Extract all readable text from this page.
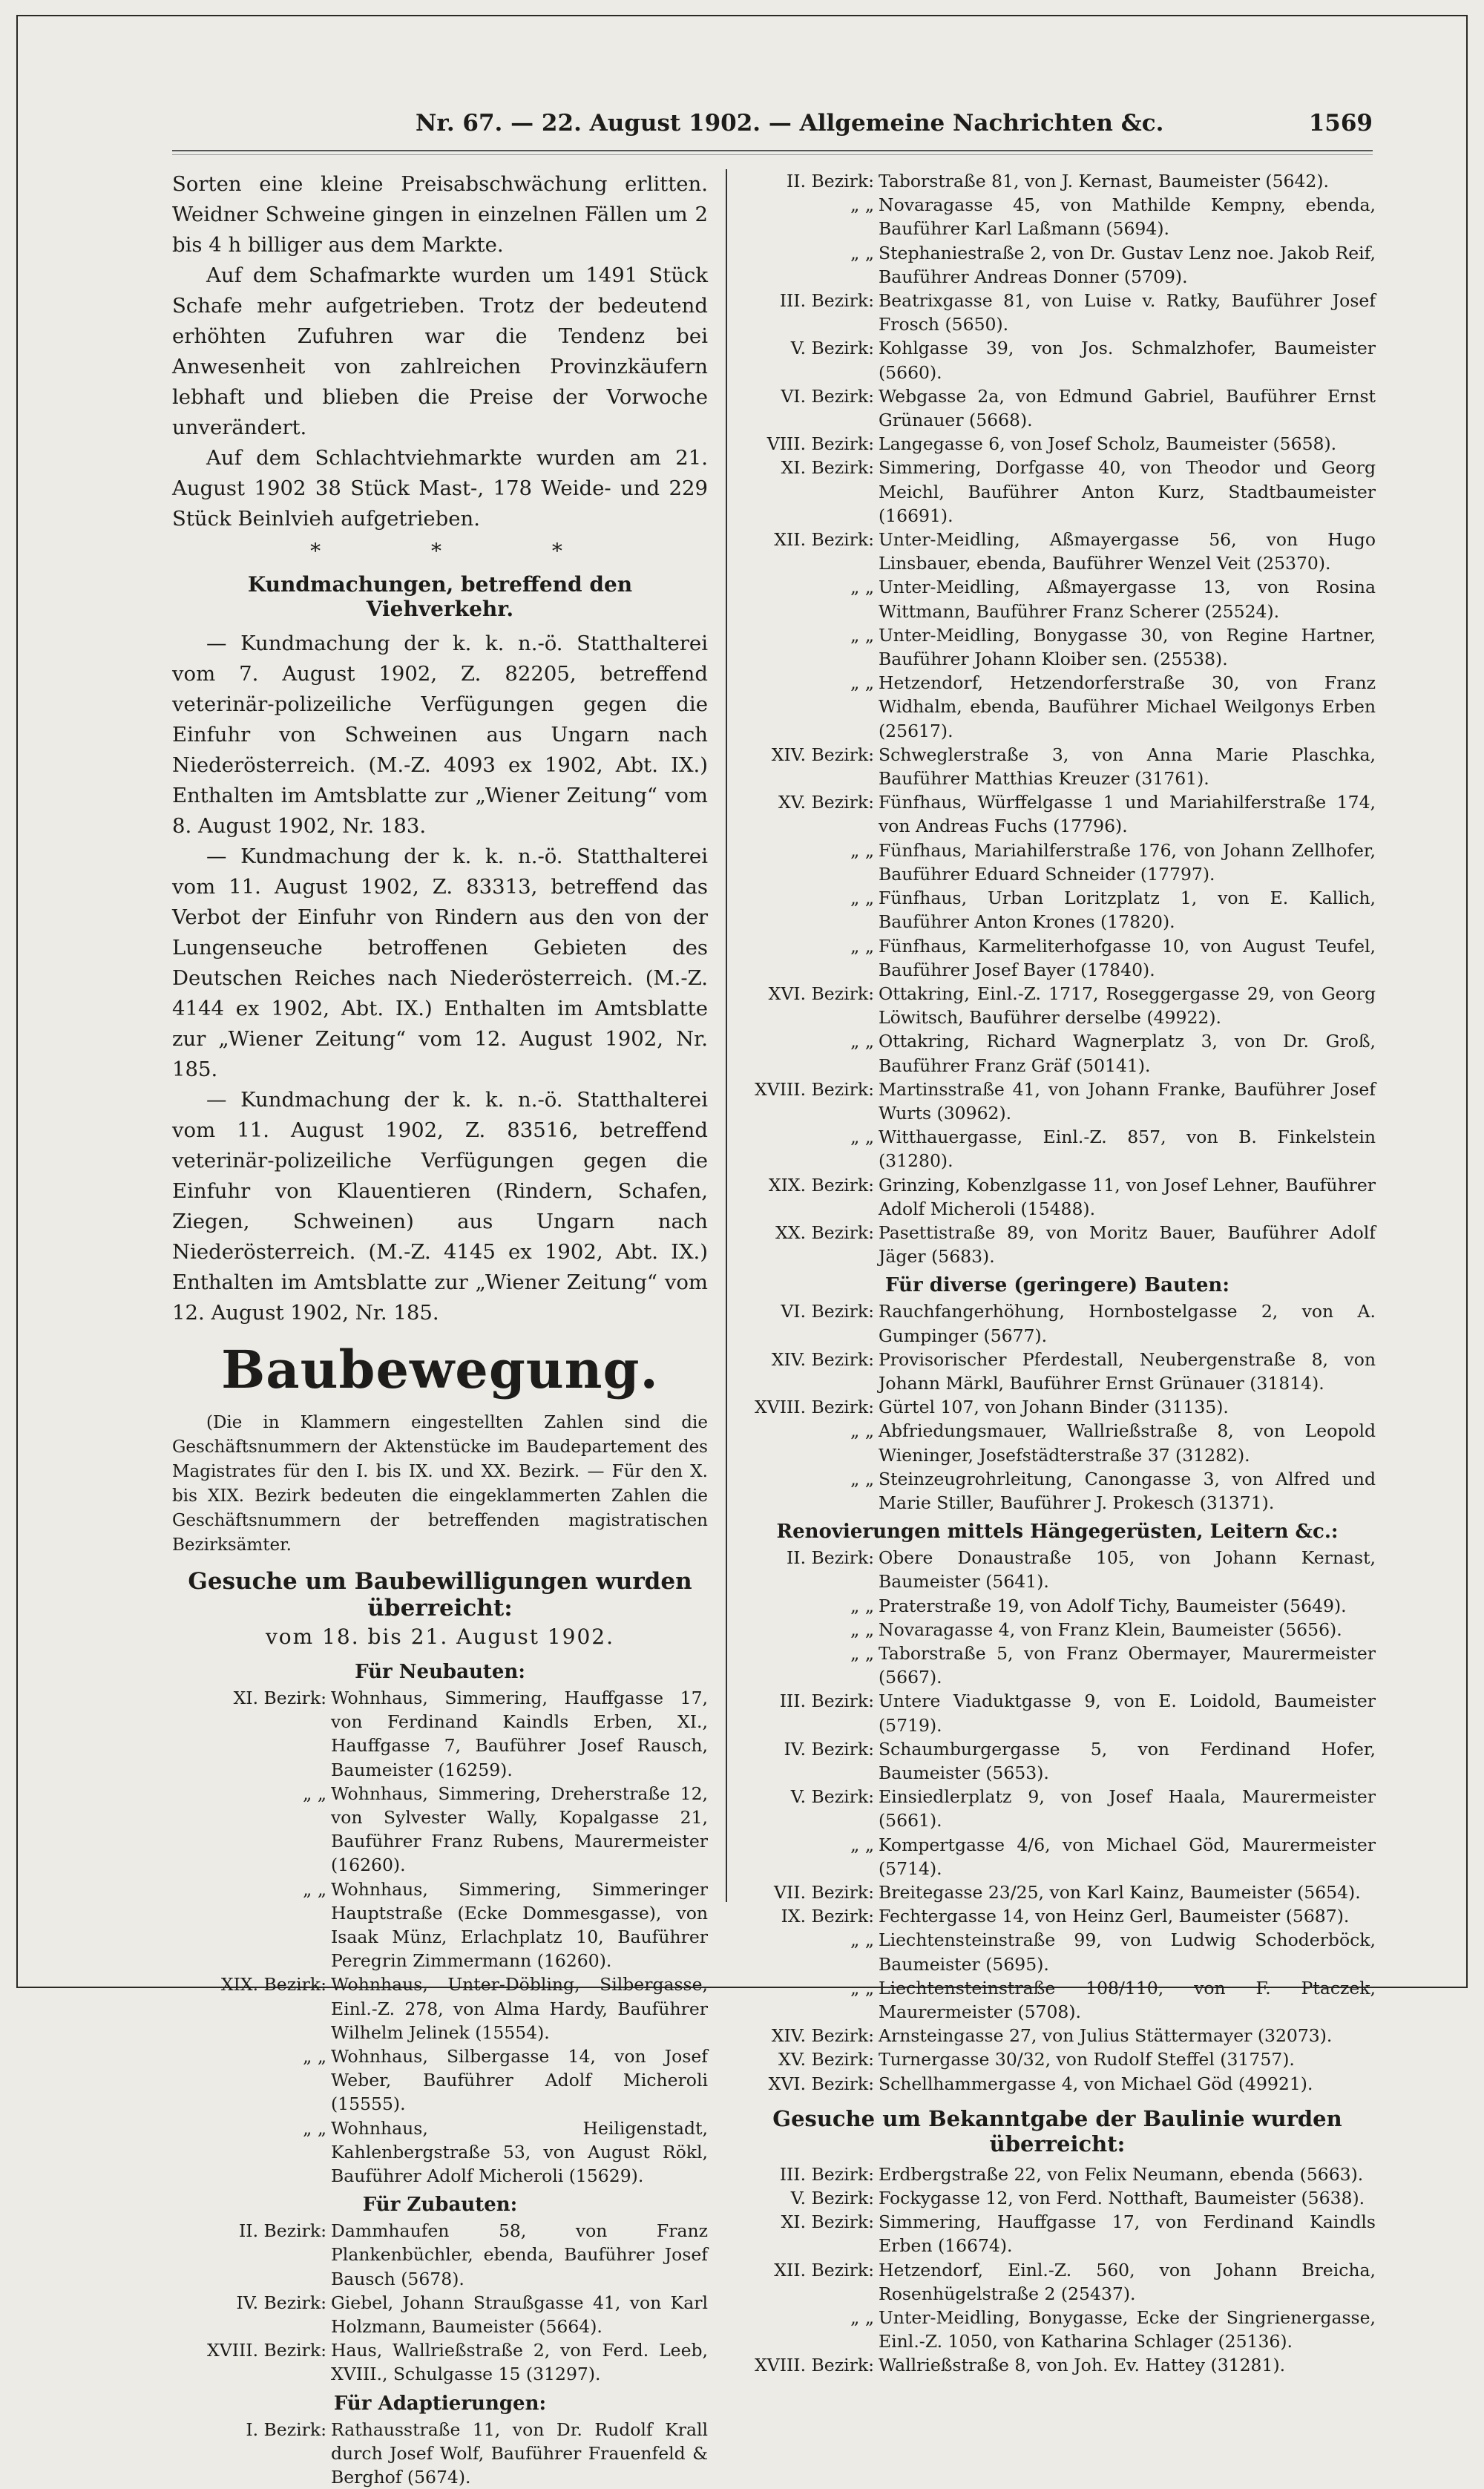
Nr. 67. — 22. August 1902. — Allgemeine Nachrichten &c.	1569

Sorten eine kleine Preisabschwächung erlitten. Weidner Schweine gingen in einzelnen Fällen um 2 bis 4 h billiger aus dem Markte.

Auf dem Schafmarkte wurden um 1491 Stück Schafe mehr aufgetrieben. Trotz der bedeutend erhöhten Zufuhren war die Tendenz bei Anwesenheit von zahlreichen Provinzkäufern lebhaft und blieben die Preise der Vorwoche unverändert.

Auf dem Schlachtviehmarkte wurden am 21. August 1902 38 Stück Mast-, 178 Weide- und 229 Stück Beinlvieh aufgetrieben.

* * *
Kundmachungen, betreffend den Viehverkehr.

— Kundmachung der k. k. n.-ö. Statthalterei vom 7. August 1902, Z. 82205, betreffend veterinär-polizeiliche Verfügungen gegen die Einfuhr von Schweinen aus Ungarn nach Niederösterreich. (M.-Z. 4093 ex 1902, Abt. IX.) Enthalten im Amtsblatte zur „Wiener Zeitung“ vom 8. August 1902, Nr. 183.

— Kundmachung der k. k. n.-ö. Statthalterei vom 11. August 1902, Z. 83313, betreffend das Verbot der Einfuhr von Rindern aus den von der Lungenseuche betroffenen Gebieten des Deutschen Reiches nach Niederösterreich. (M.-Z. 4144 ex 1902, Abt. IX.) Enthalten im Amtsblatte zur „Wiener Zeitung“ vom 12. August 1902, Nr. 185.

— Kundmachung der k. k. n.-ö. Statthalterei vom 11. August 1902, Z. 83516, betreffend veterinär-polizeiliche Verfügungen gegen die Einfuhr von Klauentieren (Rindern, Schafen, Ziegen, Schweinen) aus Ungarn nach Niederösterreich. (M.-Z. 4145 ex 1902, Abt. IX.) Enthalten im Amtsblatte zur „Wiener Zeitung“ vom 12. August 1902, Nr. 185.

Baubewegung.

(Die in Klammern eingestellten Zahlen sind die Geschäftsnummern der Aktenstücke im Baudepartement des Magistrates für den I. bis IX. und XX. Bezirk. — Für den X. bis XIX. Bezirk bedeuten die eingeklammerten Zahlen die Geschäftsnummern der betreffenden magistratischen Bezirksämter.

Gesuche um Baubewilligungen wurden überreicht:
vom 18. bis 21. August 1902.
Für Neubauten:
XI. Bezirk: Wohnhaus, Simmering, Hauffgasse 17, von Ferdinand Kaindls Erben, XI., Hauffgasse 7, Bauführer Josef Rausch, Baumeister (16259).
„ „ Wohnhaus, Simmering, Dreherstraße 12, von Sylvester Wally, Kopalgasse 21, Bauführer Franz Rubens, Maurermeister (16260).
„ „ Wohnhaus, Simmering, Simmeringer Hauptstraße (Ecke Dommesgasse), von Isaak Münz, Erlachplatz 10, Bauführer Peregrin Zimmermann (16260).
XIX. Bezirk: Wohnhaus, Unter-Döbling, Silbergasse, Einl.-Z. 278, von Alma Hardy, Bauführer Wilhelm Jelinek (15554).
„ „ Wohnhaus, Silbergasse 14, von Josef Weber, Bauführer Adolf Micheroli (15555).
„ „ Wohnhaus, Heiligenstadt, Kahlenbergstraße 53, von August Rökl, Bauführer Adolf Micheroli (15629).
Für Zubauten:
II. Bezirk: Dammhaufen 58, von Franz Plankenbüchler, ebenda, Bauführer Josef Bausch (5678).
IV. Bezirk: Giebel, Johann Straußgasse 41, von Karl Holzmann, Baumeister (5664).
XVIII. Bezirk: Haus, Wallrießstraße 2, von Ferd. Leeb, XVIII., Schulgasse 15 (31297).
Für Adaptierungen:
I. Bezirk: Rathausstraße 11, von Dr. Rudolf Krall durch Josef Wolf, Bauführer Frauenfeld & Berghof (5674).
II. Bezirk: Taborstraße 81, von J. Kernast, Baumeister (5642).
„ „ Novaragasse 45, von Mathilde Kempny, ebenda, Bauführer Karl Laßmann (5694).
„ „ Stephaniestraße 2, von Dr. Gustav Lenz noe. Jakob Reif, Bauführer Andreas Donner (5709).
III. Bezirk: Beatrixgasse 81, von Luise v. Ratky, Bauführer Josef Frosch (5650).
V. Bezirk: Kohlgasse 39, von Jos. Schmalzhofer, Baumeister (5660).
VI. Bezirk: Webgasse 2a, von Edmund Gabriel, Bauführer Ernst Grünauer (5668).
VIII. Bezirk: Langegasse 6, von Josef Scholz, Baumeister (5658).
XI. Bezirk: Simmering, Dorfgasse 40, von Theodor und Georg Meichl, Bauführer Anton Kurz, Stadtbaumeister (16691).
XII. Bezirk: Unter-Meidling, Aßmayergasse 56, von Hugo Linsbauer, ebenda, Bauführer Wenzel Veit (25370).
„ „ Unter-Meidling, Aßmayergasse 13, von Rosina Wittmann, Bauführer Franz Scherer (25524).
„ „ Unter-Meidling, Bonygasse 30, von Regine Hartner, Bauführer Johann Kloiber sen. (25538).
„ „ Hetzendorf, Hetzendorferstraße 30, von Franz Widhalm, ebenda, Bauführer Michael Weilgonys Erben (25617).
XIV. Bezirk: Schweglerstraße 3, von Anna Marie Plaschka, Bauführer Matthias Kreuzer (31761).
XV. Bezirk: Fünfhaus, Würffelgasse 1 und Mariahilferstraße 174, von Andreas Fuchs (17796).
„ „ Fünfhaus, Mariahilferstraße 176, von Johann Zellhofer, Bauführer Eduard Schneider (17797).
„ „ Fünfhaus, Urban Loritzplatz 1, von E. Kallich, Bauführer Anton Krones (17820).
„ „ Fünfhaus, Karmeliterhofgasse 10, von August Teufel, Bauführer Josef Bayer (17840).
XVI. Bezirk: Ottakring, Einl.-Z. 1717, Roseggergasse 29, von Georg Löwitsch, Bauführer derselbe (49922).
„ „ Ottakring, Richard Wagnerplatz 3, von Dr. Groß, Bauführer Franz Gräf (50141).
XVIII. Bezirk: Martinsstraße 41, von Johann Franke, Bauführer Josef Wurts (30962).
„ „ Witthauergasse, Einl.-Z. 857, von B. Finkelstein (31280).
XIX. Bezirk: Grinzing, Kobenzlgasse 11, von Josef Lehner, Bauführer Adolf Micheroli (15488).
XX. Bezirk: Pasettistraße 89, von Moritz Bauer, Bauführer Adolf Jäger (5683).
Für diverse (geringere) Bauten:
VI. Bezirk: Rauchfangerhöhung, Hornbostelgasse 2, von A. Gumpinger (5677).
XIV. Bezirk: Provisorischer Pferdestall, Neubergenstraße 8, von Johann Märkl, Bauführer Ernst Grünauer (31814).
XVIII. Bezirk: Gürtel 107, von Johann Binder (31135).
„ „ Abfriedungsmauer, Wallrießstraße 8, von Leopold Wieninger, Josefstädterstraße 37 (31282).
„ „ Steinzeugrohrleitung, Canongasse 3, von Alfred und Marie Stiller, Bauführer J. Prokesch (31371).
Renovierungen mittels Hängegerüsten, Leitern &c.:
II. Bezirk: Obere Donaustraße 105, von Johann Kernast, Baumeister (5641).
„ „ Praterstraße 19, von Adolf Tichy, Baumeister (5649).
„ „ Novaragasse 4, von Franz Klein, Baumeister (5656).
„ „ Taborstraße 5, von Franz Obermayer, Maurermeister (5667).
III. Bezirk: Untere Viaduktgasse 9, von E. Loidold, Baumeister (5719).
IV. Bezirk: Schaumburgergasse 5, von Ferdinand Hofer, Baumeister (5653).
V. Bezirk: Einsiedlerplatz 9, von Josef Haala, Maurermeister (5661).
„ „ Kompertgasse 4/6, von Michael Göd, Maurermeister (5714).
VII. Bezirk: Breitegasse 23/25, von Karl Kainz, Baumeister (5654).
IX. Bezirk: Fechtergasse 14, von Heinz Gerl, Baumeister (5687).
„ „ Liechtensteinstraße 99, von Ludwig Schoderböck, Baumeister (5695).
„ „ Liechtensteinstraße 108/110, von F. Ptaczek, Maurermeister (5708).
XIV. Bezirk: Arnsteingasse 27, von Julius Stättermayer (32073).
XV. Bezirk: Turnergasse 30/32, von Rudolf Steffel (31757).
XVI. Bezirk: Schellhammergasse 4, von Michael Göd (49921).
Gesuche um Bekanntgabe der Baulinie wurden überreicht:
III. Bezirk: Erdbergstraße 22, von Felix Neumann, ebenda (5663).
V. Bezirk: Fockygasse 12, von Ferd. Notthaft, Baumeister (5638).
XI. Bezirk: Simmering, Hauffgasse 17, von Ferdinand Kaindls Erben (16674).
XII. Bezirk: Hetzendorf, Einl.-Z. 560, von Johann Breicha, Rosenhügelstraße 2 (25437).
„ „ Unter-Meidling, Bonygasse, Ecke der Singrienergasse, Einl.-Z. 1050, von Katharina Schlager (25136).
XVIII. Bezirk: Wallrießstraße 8, von Joh. Ev. Hattey (31281).
